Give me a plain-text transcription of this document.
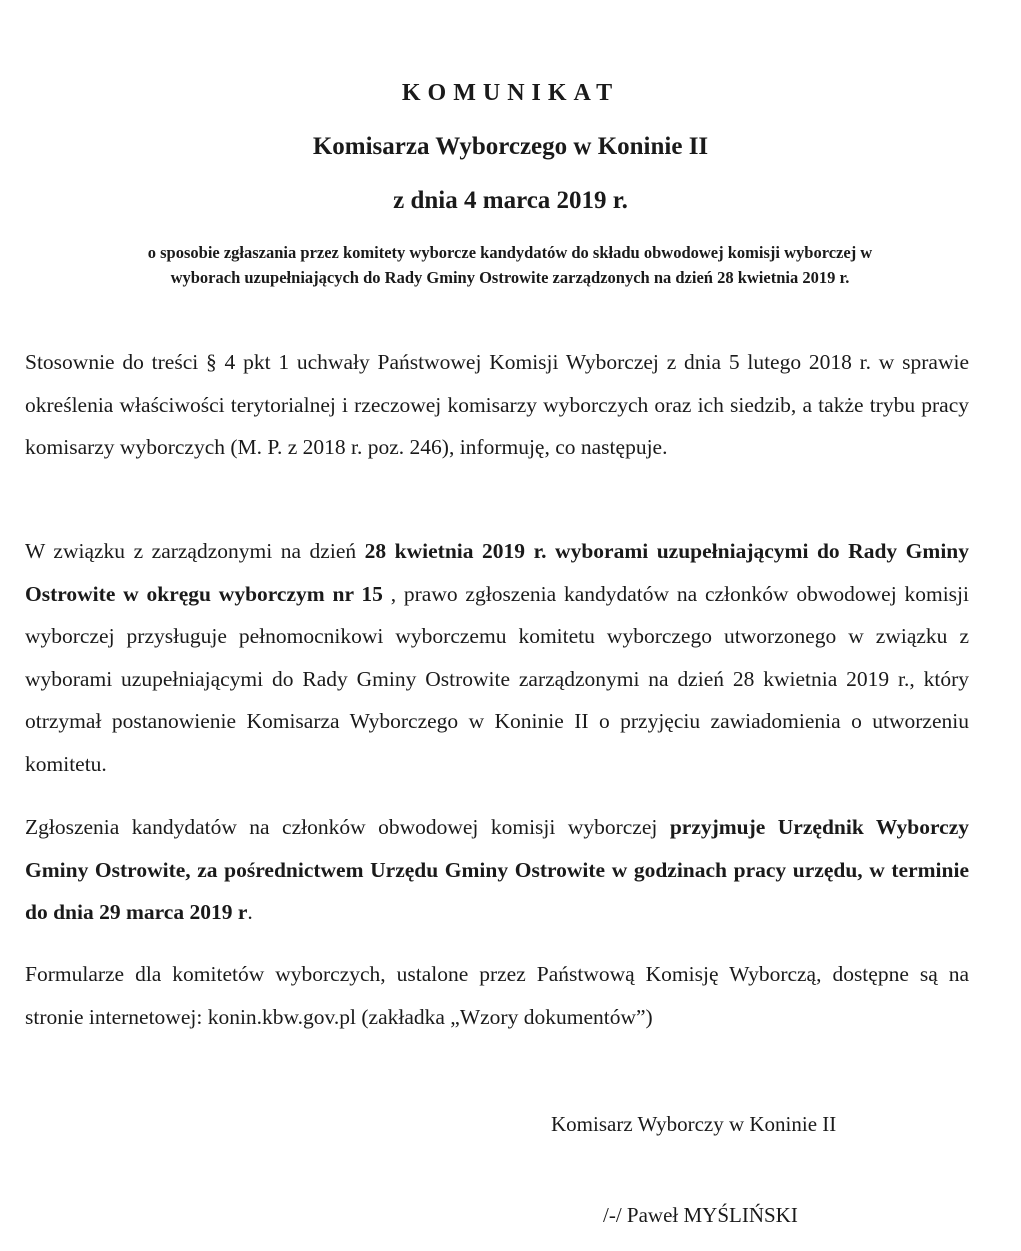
KOMUNIKAT
Komisarza Wyborczego w Koninie II
z dnia 4 marca 2019 r.
o sposobie zgłaszania przez komitety wyborcze kandydatów do składu obwodowej komisji wyborczej w
wyborach uzupełniających do Rady Gminy Ostrowite zarządzonych na dzień 28 kwietnia 2019 r.

Stosownie do treści § 4 pkt 1 uchwały Państwowej Komisji Wyborczej z dnia 5 lutego 2018 r. w sprawie określenia właściwości terytorialnej i rzeczowej komisarzy wyborczych oraz ich siedzib, a także trybu pracy komisarzy wyborczych (M. P. z 2018 r. poz. 246), informuję, co następuje.

W związku z zarządzonymi na dzień 28 kwietnia 2019 r. wyborami uzupełniającymi do Rady Gminy Ostrowite w okręgu wyborczym nr 15 , prawo zgłoszenia kandydatów na członków obwodowej komisji wyborczej przysługuje pełnomocnikowi wyborczemu komitetu wyborczego utworzonego w związku z wyborami uzupełniającymi do Rady Gminy Ostrowite zarządzonymi na dzień 28 kwietnia 2019 r., który otrzymał postanowienie Komisarza Wyborczego w Koninie II o przyjęciu zawiadomienia o utworzeniu komitetu.

Zgłoszenia kandydatów na członków obwodowej komisji wyborczej przyjmuje Urzędnik Wyborczy Gminy Ostrowite, za pośrednictwem Urzędu Gminy Ostrowite w godzinach pracy urzędu, w terminie do dnia 29 marca 2019 r.

Formularze dla komitetów wyborczych, ustalone przez Państwową Komisję Wyborczą, dostępne są na stronie internetowej: konin.kbw.gov.pl (zakładka „Wzory dokumentów”)

Komisarz Wyborczy w Koninie II
/-/ Paweł MYŚLIŃSKI
